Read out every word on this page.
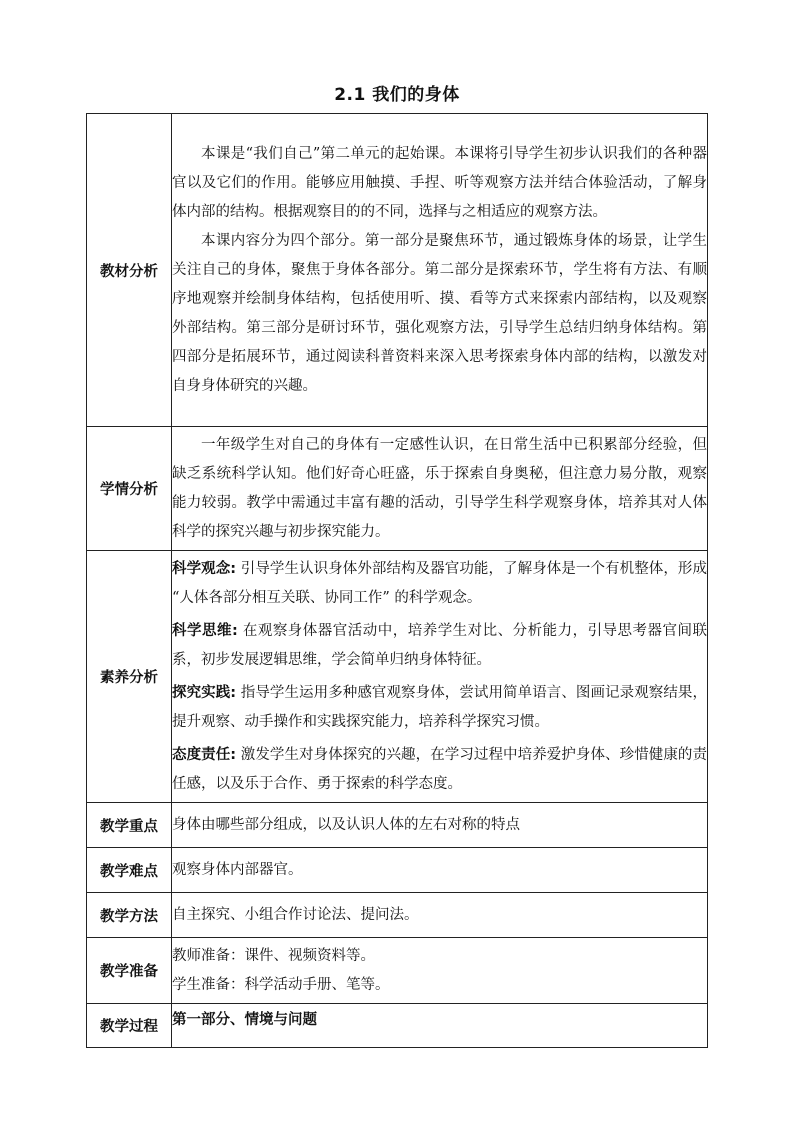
2.1 我们的身体
教材分析	本课是“我们自己”第二单元的起始课。本课将引导学生初步认识我们的各种器官以及它们的作用。能够应用触摸、手捏、听等观察方法并结合体验活动，了解身体内部的结构。根据观察目的的不同，选择与之相适应的观察方法。

本课内容分为四个部分。第一部分是聚焦环节，通过锻炼身体的场景，让学生关注自己的身体，聚焦于身体各部分。第二部分是探索环节，学生将有方法、有顺序地观察并绘制身体结构，包括使用听、摸、看等方式来探索内部结构，以及观察外部结构。第三部分是研讨环节，强化观察方法，引导学生总结归纳身体结构。第四部分是拓展环节，通过阅读科普资料来深入思考探索身体内部的结构，以激发对自身身体研究的兴趣。

学情分析	一年级学生对自己的身体有一定感性认识，在日常生活中已积累部分经验，但缺乏系统科学认知。他们好奇心旺盛，乐于探索自身奥秘，但注意力易分散，观察能力较弱。教学中需通过丰富有趣的活动，引导学生科学观察身体，培养其对人体科学的探究兴趣与初步探究能力。

素养分析	科学观念: 引导学生认识身体外部结构及器官功能，了解身体是一个有机整体，形成 “人体各部分相互关联、协同工作” 的科学观念。

科学思维: 在观察身体器官活动中，培养学生对比、分析能力，引导思考器官间联系，初步发展逻辑思维，学会简单归纳身体特征。

探究实践: 指导学生运用多种感官观察身体，尝试用简单语言、图画记录观察结果，提升观察、动手操作和实践探究能力，培养科学探究习惯。

态度责任: 激发学生对身体探究的兴趣，在学习过程中培养爱护身体、珍惜健康的责任感，以及乐于合作、勇于探索的科学态度。

教学重点	身体由哪些部分组成，以及认识人体的左右对称的特点
教学难点	观察身体内部器官。
教学方法	自主探究、小组合作讨论法、提问法。
教学准备	教师准备：课件、视频资料等。

学生准备：科学活动手册、笔等。

教学过程	第一部分、情境与问题
